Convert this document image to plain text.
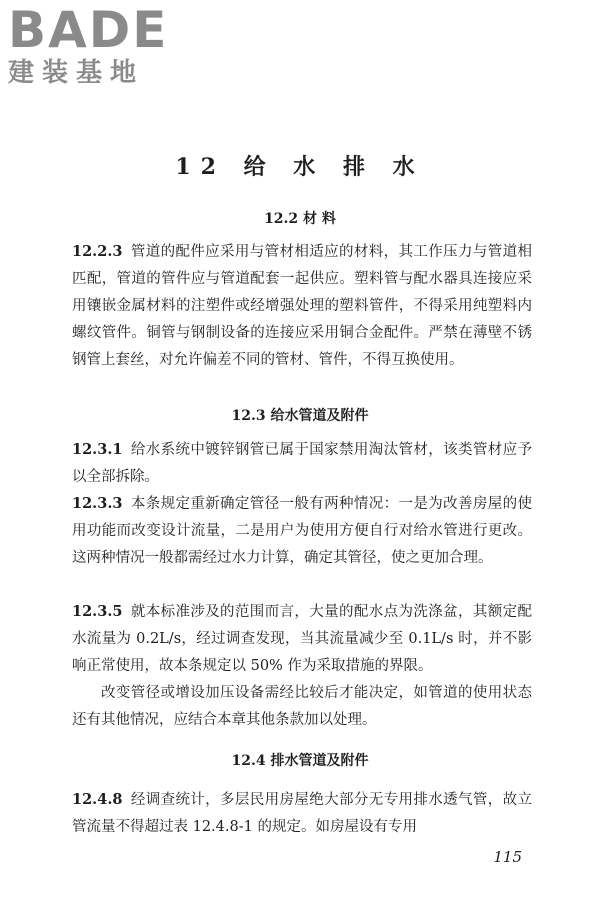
BADE
建装基地
12 给 水 排 水
12.2 材 料
12.2.3 管道的配件应采用与管材相适应的材料，其工作压力与管道相匹配，管道的管件应与管道配套一起供应。塑料管与配水器具连接应采用镶嵌金属材料的注塑件或经增强处理的塑料管件，不得采用纯塑料内螺纹管件。铜管与钢制设备的连接应采用铜合金配件。严禁在薄壁不锈钢管上套丝，对允许偏差不同的管材、管件，不得互换使用。
12.3 给水管道及附件
12.3.1 给水系统中镀锌钢管已属于国家禁用淘汰管材，该类管材应予以全部拆除。
12.3.3 本条规定重新确定管径一般有两种情况：一是为改善房屋的使用功能而改变设计流量，二是用户为使用方便自行对给水管进行更改。这两种情况一般都需经过水力计算，确定其管径，使之更加合理。
12.3.5 就本标准涉及的范围而言，大量的配水点为洗涤盆，其额定配水流量为 0.2L/s，经过调查发现，当其流量减少至 0.1L/s 时，并不影响正常使用，故本条规定以 50% 作为采取措施的界限。
改变管径或增设加压设备需经比较后才能决定，如管道的使用状态还有其他情况，应结合本章其他条款加以处理。
12.4 排水管道及附件
12.4.8 经调查统计，多层民用房屋绝大部分无专用排水透气管，故立管流量不得超过表 12.4.8-1 的规定。如房屋设有专用
115
